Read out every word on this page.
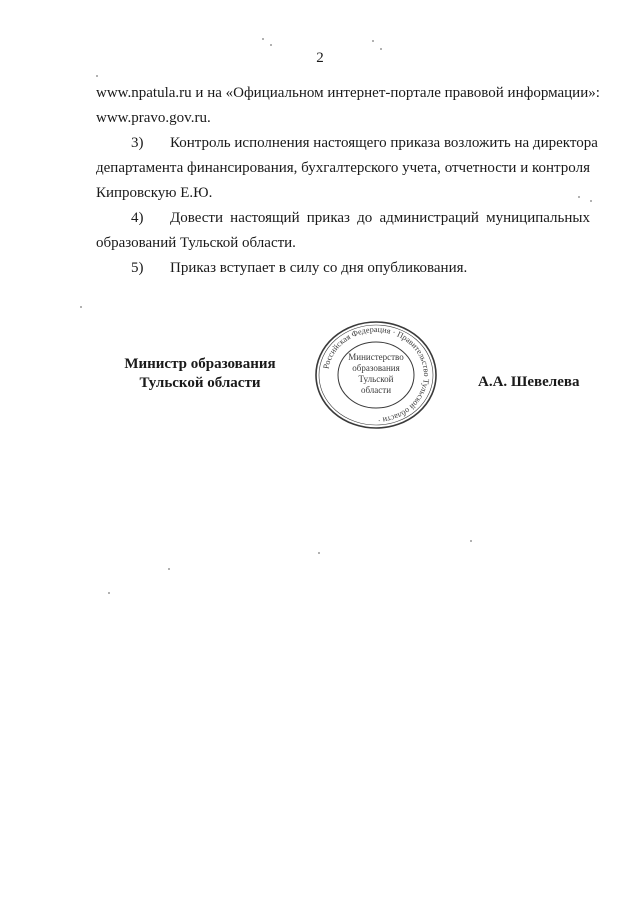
2
www.npatula.ru и на «Официальном интернет-портале правовой информации»:
www.pravo.gov.ru.
3) Контроль исполнения настоящего приказа возложить на директора
департамента финансирования, бухгалтерского учета, отчетности и контроля
Кипровскую Е.Ю.
4) Довести настоящий приказ до администраций муниципальных
образований Тульской области.
5) Приказ вступает в силу со дня опубликования.
Министр образования
Тульской области
Российская Федерация · Правительство Тульской области ·
Министерство
образования
Тульской
области	А.А. Шевелева
